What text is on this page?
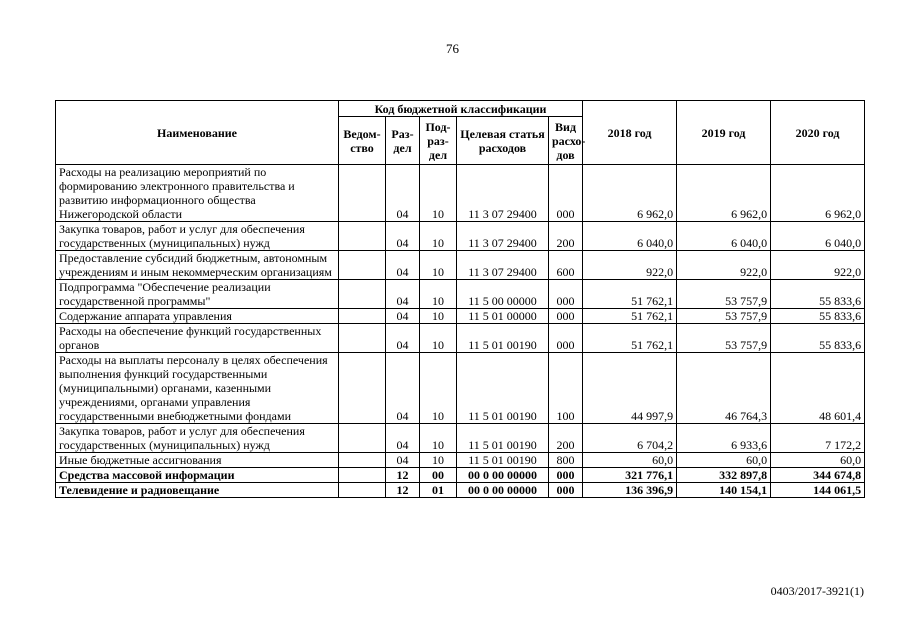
76
Наименование	Код бюджетной классификации					2018 год	2019 год	2020 год
	Ведом-ство	Раз-дел	Под-раз-дел	Целевая статья расходов	Вид расхо-дов			
Расходы на реализацию мероприятий по формированию электронного правительства и развитию информационного общества Нижегородской области		04	10	11 3 07 29400	000	6 962,0	6 962,0	6 962,0
Закупка товаров, работ и услуг для обеспечения государственных (муниципальных) нужд		04	10	11 3 07 29400	200	6 040,0	6 040,0	6 040,0
Предоставление субсидий бюджетным, автономным учреждениям и иным некоммерческим организациям		04	10	11 3 07 29400	600	922,0	922,0	922,0
Подпрограмма "Обеспечение реализации государственной программы"		04	10	11 5 00 00000	000	51 762,1	53 757,9	55 833,6
Содержание аппарата управления		04	10	11 5 01 00000	000	51 762,1	53 757,9	55 833,6
Расходы на обеспечение функций государственных органов		04	10	11 5 01 00190	000	51 762,1	53 757,9	55 833,6
Расходы на выплаты персоналу в целях обеспечения выполнения функций государственными (муниципальными) органами, казенными учреждениями, органами управления государственными внебюджетными фондами		04	10	11 5 01 00190	100	44 997,9	46 764,3	48 601,4
Закупка товаров, работ и услуг для обеспечения государственных (муниципальных) нужд		04	10	11 5 01 00190	200	6 704,2	6 933,6	7 172,2
Иные бюджетные ассигнования		04	10	11 5 01 00190	800	60,0	60,0	60,0
Средства массовой информации		12	00	00 0 00 00000	000	321 776,1	332 897,8	344 674,8
Телевидение и радиовещание		12	01	00 0 00 00000	000	136 396,9	140 154,1	144 061,5
0403/2017-3921(1)
